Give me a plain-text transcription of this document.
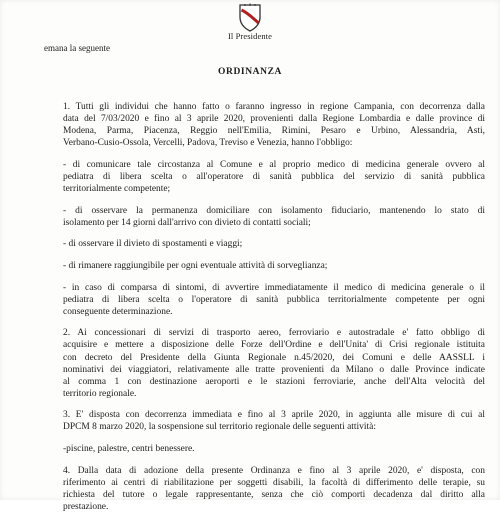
Il Presidente
emana la seguente
ORDINANZA
1. Tutti gli individui che hanno fatto o faranno ingresso in regione Campania, con decorrenza dalla
data del 7/03/2020 e fino al 3 aprile 2020, provenienti dalla Regione Lombardia e dalle province di
Modena, Parma, Piacenza, Reggio nell'Emilia, Rimini, Pesaro e Urbino, Alessandria, Asti,
Verbano-Cusio-Ossola, Vercelli, Padova, Treviso e Venezia, hanno l'obbligo:
- di comunicare tale circostanza al Comune e al proprio medico di medicina generale ovvero al
pediatra di libera scelta o all'operatore di sanità pubblica del servizio di sanità pubblica
territorialmente competente;
- di osservare la permanenza domiciliare con isolamento fiduciario, mantenendo lo stato di
isolamento per 14 giorni dall'arrivo con divieto di contatti sociali;
- di osservare il divieto di spostamenti e viaggi;
- di rimanere raggiungibile per ogni eventuale attività di sorveglianza;
- in caso di comparsa di sintomi, di avvertire immediatamente il medico di medicina generale o il
pediatra di libera scelta o l'operatore di sanità pubblica territorialmente competente per ogni
conseguente determinazione.
2. Ai concessionari di servizi di trasporto aereo, ferroviario e autostradale e' fatto obbligo di
acquisire e mettere a disposizione delle Forze dell'Ordine e dell'Unita' di Crisi regionale istituita
con decreto del Presidente della Giunta Regionale n.45/2020, dei Comuni e delle AASSLL i
nominativi dei viaggiatori, relativamente alle tratte provenienti da Milano o dalle Province indicate
al comma 1 con destinazione aeroporti e le stazioni ferroviarie, anche dell'Alta velocità del
territorio regionale.
3. E' disposta con decorrenza immediata e fino al 3 aprile 2020, in aggiunta alle misure di cui al
DPCM 8 marzo 2020, la sospensione sul territorio regionale delle seguenti attività:
-piscine, palestre, centri benessere.
4. Dalla data di adozione della presente Ordinanza e fino al 3 aprile 2020, e' disposta, con
riferimento ai centri di riabilitazione per soggetti disabili, la facoltà di differimento delle terapie, su
richiesta del tutore o legale rappresentante, senza che ciò comporti decadenza dal diritto alla
prestazione.
